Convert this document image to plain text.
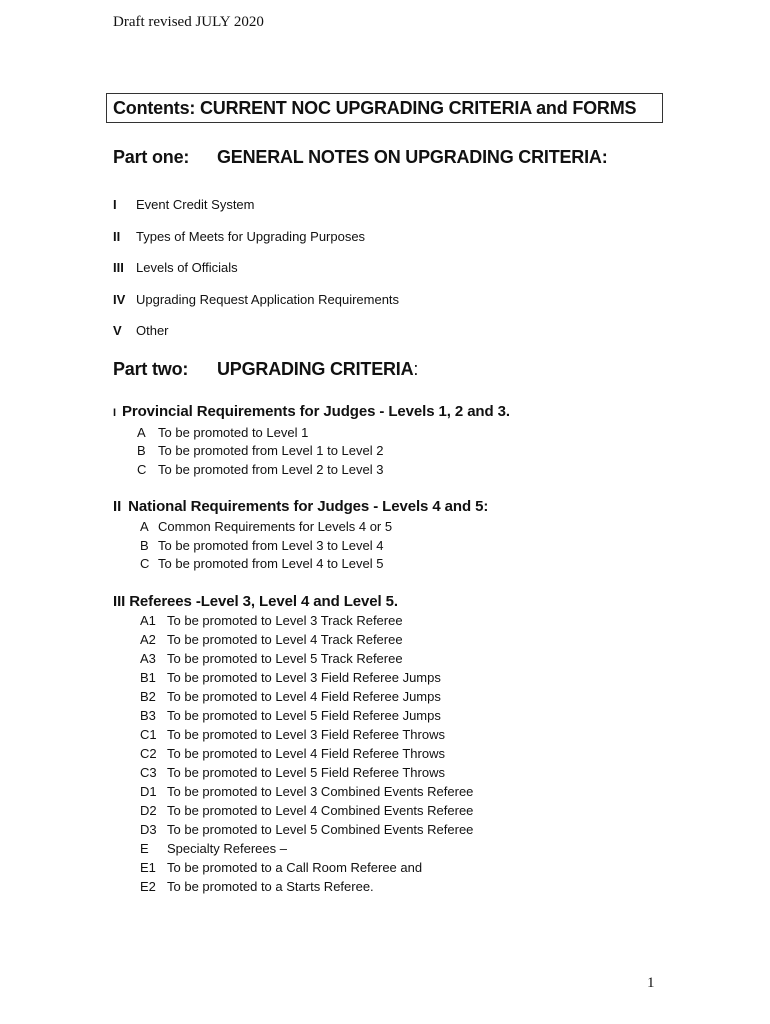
Draft revised JULY 2020
Contents: CURRENT NOC UPGRADING CRITERIA and FORMS
Part one: GENERAL NOTES ON UPGRADING CRITERIA:
I Event Credit System
II Types of Meets for Upgrading Purposes
III Levels of Officials
IV Upgrading Request Application Requirements
V Other
Part two: UPGRADING CRITERIA:
I Provincial Requirements for Judges - Levels 1, 2 and 3.
A To be promoted to Level 1
B To be promoted from Level 1 to Level 2
C To be promoted from Level 2 to Level 3
II National Requirements for Judges - Levels 4 and 5:
A Common Requirements for Levels 4 or 5
B To be promoted from Level 3 to Level 4
C To be promoted from Level 4 to Level 5
III Referees -Level 3, Level 4 and Level 5.
A1 To be promoted to Level 3 Track Referee
A2 To be promoted to Level 4 Track Referee
A3 To be promoted to Level 5 Track Referee
B1 To be promoted to Level 3 Field Referee Jumps
B2 To be promoted to Level 4 Field Referee Jumps
B3 To be promoted to Level 5 Field Referee Jumps
C1 To be promoted to Level 3 Field Referee Throws
C2 To be promoted to Level 4 Field Referee Throws
C3 To be promoted to Level 5 Field Referee Throws
D1 To be promoted to Level 3 Combined Events Referee
D2 To be promoted to Level 4 Combined Events Referee
D3 To be promoted to Level 5 Combined Events Referee
E Specialty Referees –
E1 To be promoted to a Call Room Referee and
E2 To be promoted to a Starts Referee.
1
